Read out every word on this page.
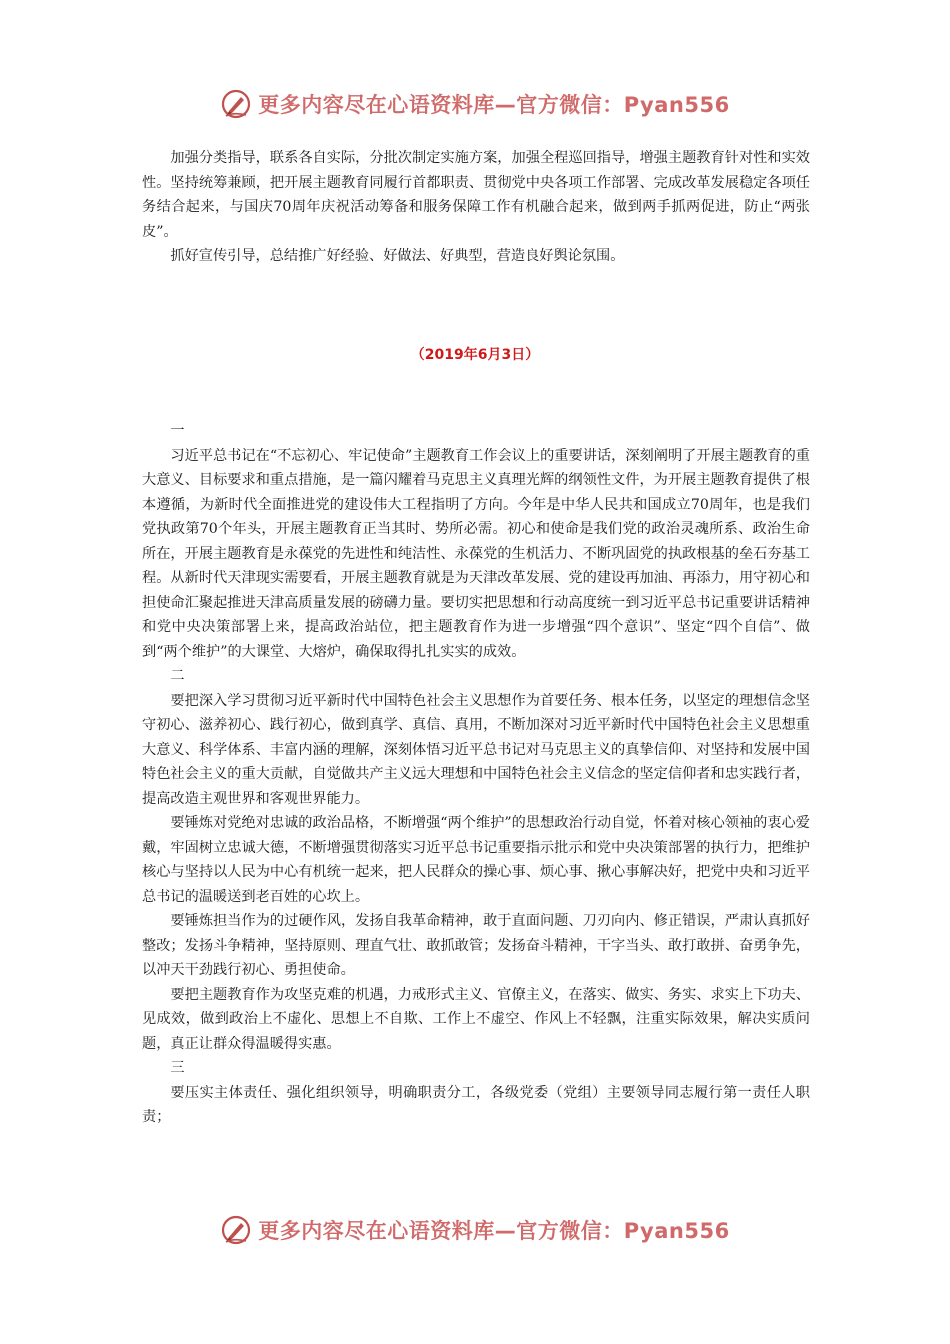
更多内容尽在心语资料库—官方微信：Pyan556

加强分类指导，联系各自实际，分批次制定实施方案，加强全程巡回指导，增强主题教育针对性和实效性。坚持统筹兼顾，把开展主题教育同履行首都职责、贯彻党中央各项工作部署、完成改革发展稳定各项任务结合起来，与国庆70周年庆祝活动筹备和服务保障工作有机融合起来，做到两手抓两促进，防止“两张皮”。

抓好宣传引导，总结推广好经验、好做法、好典型，营造良好舆论氛围。

（2019年6月3日）

一

习近平总书记在“不忘初心、牢记使命”主题教育工作会议上的重要讲话，深刻阐明了开展主题教育的重大意义、目标要求和重点措施，是一篇闪耀着马克思主义真理光辉的纲领性文件，为开展主题教育提供了根本遵循，为新时代全面推进党的建设伟大工程指明了方向。今年是中华人民共和国成立70周年，也是我们党执政第70个年头，开展主题教育正当其时、势所必需。初心和使命是我们党的政治灵魂所系、政治生命所在，开展主题教育是永葆党的先进性和纯洁性、永葆党的生机活力、不断巩固党的执政根基的垒石夯基工程。从新时代天津现实需要看，开展主题教育就是为天津改革发展、党的建设再加油、再添力，用守初心和担使命汇聚起推进天津高质量发展的磅礴力量。要切实把思想和行动高度统一到习近平总书记重要讲话精神和党中央决策部署上来，提高政治站位，把主题教育作为进一步增强“四个意识”、坚定“四个自信”、做到“两个维护”的大课堂、大熔炉，确保取得扎扎实实的成效。

二

要把深入学习贯彻习近平新时代中国特色社会主义思想作为首要任务、根本任务，以坚定的理想信念坚守初心、滋养初心、践行初心，做到真学、真信、真用，不断加深对习近平新时代中国特色社会主义思想重大意义、科学体系、丰富内涵的理解，深刻体悟习近平总书记对马克思主义的真挚信仰、对坚持和发展中国特色社会主义的重大贡献，自觉做共产主义远大理想和中国特色社会主义信念的坚定信仰者和忠实践行者，提高改造主观世界和客观世界能力。

要锤炼对党绝对忠诚的政治品格，不断增强“两个维护”的思想政治行动自觉，怀着对核心领袖的衷心爱戴，牢固树立忠诚大德，不断增强贯彻落实习近平总书记重要指示批示和党中央决策部署的执行力，把维护核心与坚持以人民为中心有机统一起来，把人民群众的操心事、烦心事、揪心事解决好，把党中央和习近平总书记的温暖送到老百姓的心坎上。

要锤炼担当作为的过硬作风，发扬自我革命精神，敢于直面问题、刀刃向内、修正错误，严肃认真抓好整改；发扬斗争精神，坚持原则、理直气壮、敢抓敢管；发扬奋斗精神，干字当头、敢打敢拼、奋勇争先，以冲天干劲践行初心、勇担使命。

要把主题教育作为攻坚克难的机遇，力戒形式主义、官僚主义，在落实、做实、务实、求实上下功夫、见成效，做到政治上不虚化、思想上不自欺、工作上不虚空、作风上不轻飘，注重实际效果，解决实质问题，真正让群众得温暖得实惠。

三

要压实主体责任、强化组织领导，明确职责分工，各级党委（党组）主要领导同志履行第一责任人职责；

更多内容尽在心语资料库—官方微信：Pyan556
